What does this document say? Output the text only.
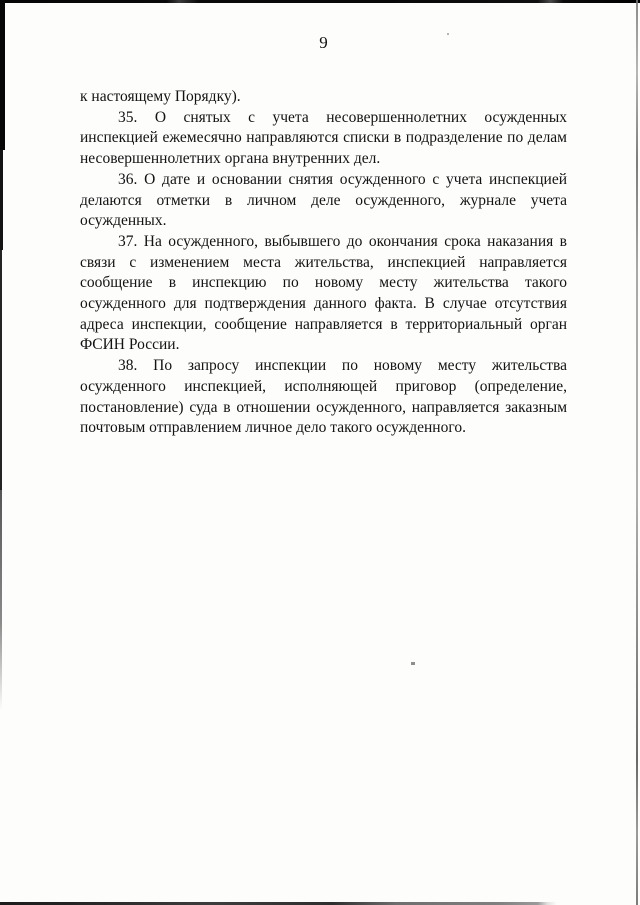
9

к настоящему Порядку).

35. О снятых с учета несовершеннолетних осужденных инспекцией ежемесячно направляются списки в подразделение по делам несовершеннолетних органа внутренних дел.

36. О дате и основании снятия осужденного с учета инспекцией делаются отметки в личном деле осужденного, журнале учета осужденных.

37. На осужденного, выбывшего до окончания срока наказания в связи с изменением места жительства, инспекцией направляется сообщение в инспекцию по новому месту жительства такого осужденного для подтверждения данного факта. В случае отсутствия адреса инспекции, сообщение направляется в территориальный орган ФСИН России.

38. По запросу инспекции по новому месту жительства осужденного инспекцией, исполняющей приговор (определение, постановление) суда в отношении осужденного, направляется заказным почтовым отправлением личное дело такого осужденного.
